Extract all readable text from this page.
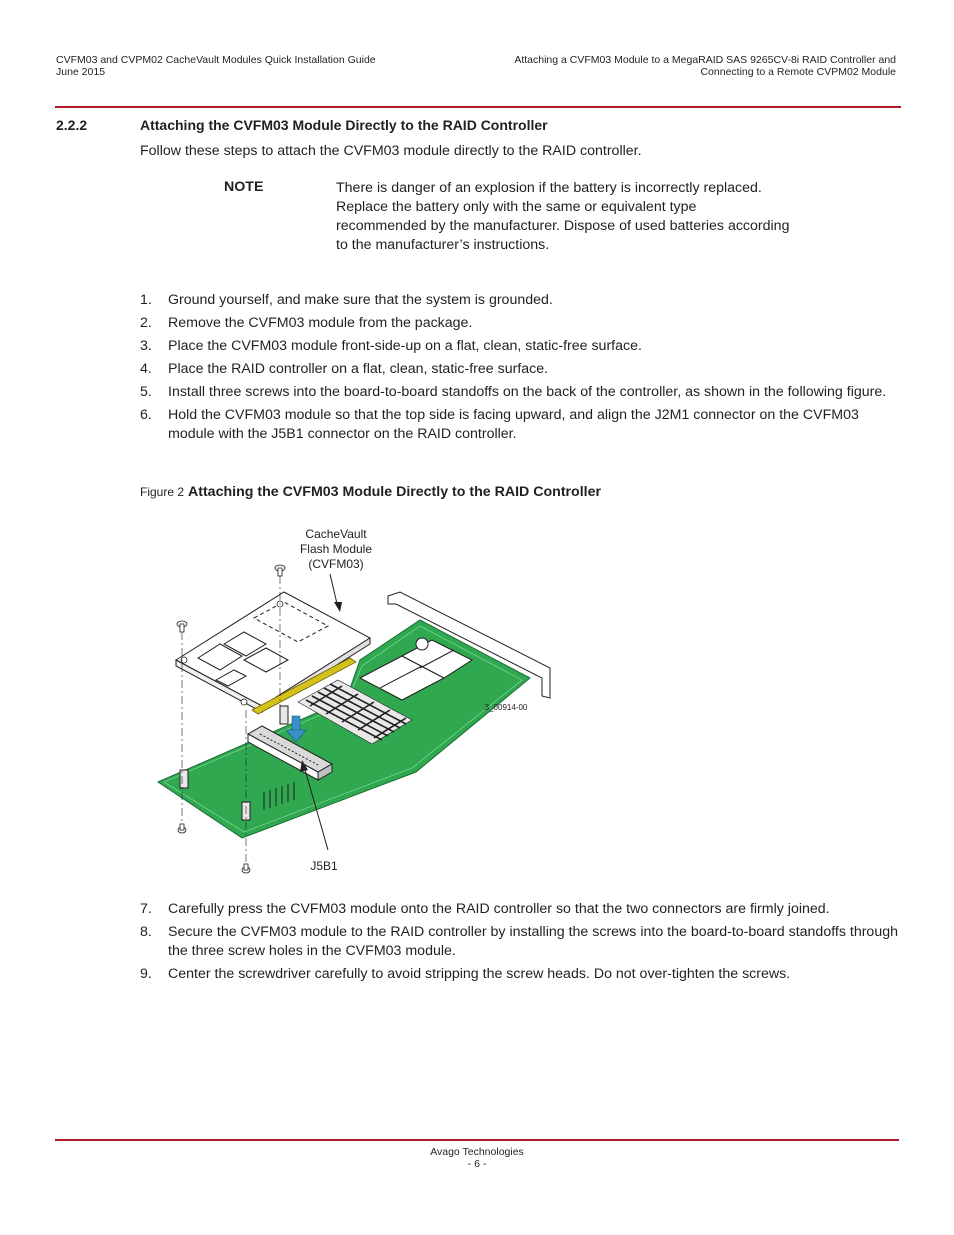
CVFM03 and CVPM02 CacheVault Modules Quick Installation Guide
June 2015
Attaching a CVFM03 Module to a MegaRAID SAS 9265CV-8i RAID Controller and
Connecting to a Remote CVPM02 Module
2.2.2	Attaching the CVFM03 Module Directly to the RAID Controller
Follow these steps to attach the CVFM03 module directly to the RAID controller.
NOTE	There is danger of an explosion if the battery is incorrectly replaced. Replace the battery only with the same or equivalent type recommended by the manufacturer. Dispose of used batteries according to the manufacturer’s instructions.
1. Ground yourself, and make sure that the system is grounded.
2. Remove the CVFM03 module from the package.
3. Place the CVFM03 module front-side-up on a flat, clean, static-free surface.
4. Place the RAID controller on a flat, clean, static-free surface.
5. Install three screws into the board-to-board standoffs on the back of the controller, as shown in the following figure.
6. Hold the CVFM03 module so that the top side is facing upward, and align the J2M1 connector on the CVFM03 module with the J5B1 connector on the RAID controller.
Figure 2 Attaching the CVFM03 Module Directly to the RAID Controller
CacheVault
Flash Module
(CVFM03)
J5B1
3_00914-00
7. Carefully press the CVFM03 module onto the RAID controller so that the two connectors are firmly joined.
8. Secure the CVFM03 module to the RAID controller by installing the screws into the board-to-board standoffs through the three screw holes in the CVFM03 module.
9. Center the screwdriver carefully to avoid stripping the screw heads. Do not over-tighten the screws.
Avago Technologies
- 6 -
